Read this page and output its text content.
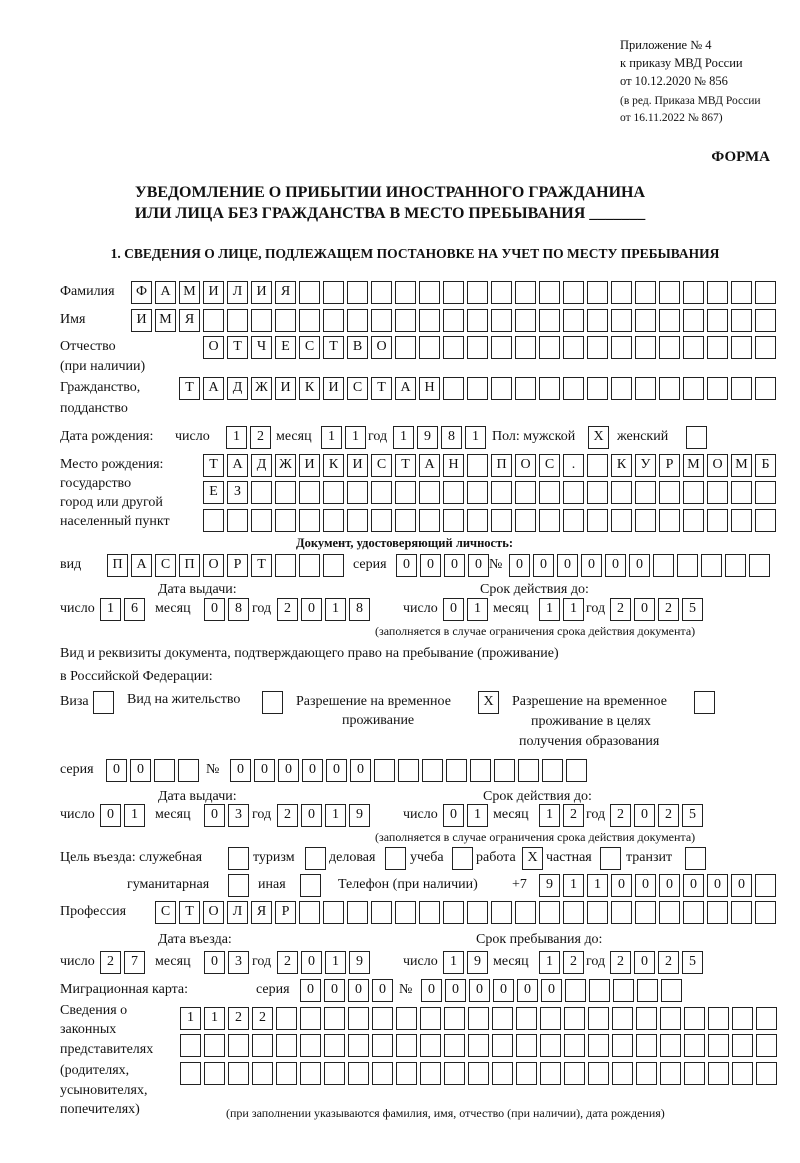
Приложение № 4
к приказу МВД России
от 10.12.2020 № 856
(в ред. Приказа МВД России
от 16.11.2022 № 867)
ФОРМА
УВЕДОМЛЕНИЕ О ПРИБЫТИИ ИНОСТРАННОГО ГРАЖДАНИНА
ИЛИ ЛИЦА БЕЗ ГРАЖДАНСТВА В МЕСТО ПРЕБЫВАНИЯ _______
1. СВЕДЕНИЯ О ЛИЦЕ, ПОДЛЕЖАЩЕМ ПОСТАНОВКЕ НА УЧЕТ ПО МЕСТУ ПРЕБЫВАНИЯ
Фамилия	Ф А М И	Л	И	Я
Имя	И М Я
Отчество
(при наличии)
О	Т	Ч	Е	С	Т	В	О
Гражданство,
подданство
Т	А	Д Ж И	К	И	С	Т	А Н
Дата рождения: число	1	2 месяц	1	1 год 1	9	8	1 Пол: мужской	X женский
Место рождения:
государство
город или другой
населенный пункт
Т	А	Д Ж И	К	И	С	Т	А Н	П О	С	.	К	У	Р М О М Б
Е	З
Документ, удостоверяющий личность:
вид	П А	С	П О	Р	Т	серия	0	0	0	0 № 0	0	0	0	0	0
Дата выдачи:	Срок действия до:
число 1	6	месяц	0	8 год 2	0	1	8	число 0	1 месяц	1	1 год 2	0	2	5
(заполняется в случае ограничения срока действия документа)
Вид и реквизиты документа, подтверждающего право на пребывание (проживание)
в Российской Федерации:
Виза	Вид на жительство	Разрешение на временное
проживание
X	Разрешение на временное
проживание в целях
получения образования
серия	0	0	№	0	0	0	0	0	0
Дата выдачи:	Срок действия до:
число 0	1	месяц	0	3 год 2	0	1	9	число 0	1 месяц	1	2 год 2	0	2	5
(заполняется в случае ограничения срока действия документа)
Цель въезда: служебная	туризм деловая учеба работа X частная транзит
гуманитарная	иная	Телефон (при наличии) +7	9	1	1	0	0	0	0	0	0
Профессия	С	Т	О	Л	Я	Р
Дата въезда:	Срок пребывания до:
число 2	7	месяц	0	3 год 2	0	1	9	число 1	9 месяц	1	2 год 2	0	2	5
Миграционная карта:	серия	0	0	0	0 №	0	0	0	0	0	0
Сведения о
законных
представителях
(родителях,
усыновителях,
попечителях)
1	1	2	2
(при заполнении указываются фамилия, имя, отчество (при наличии), дата рождения)
